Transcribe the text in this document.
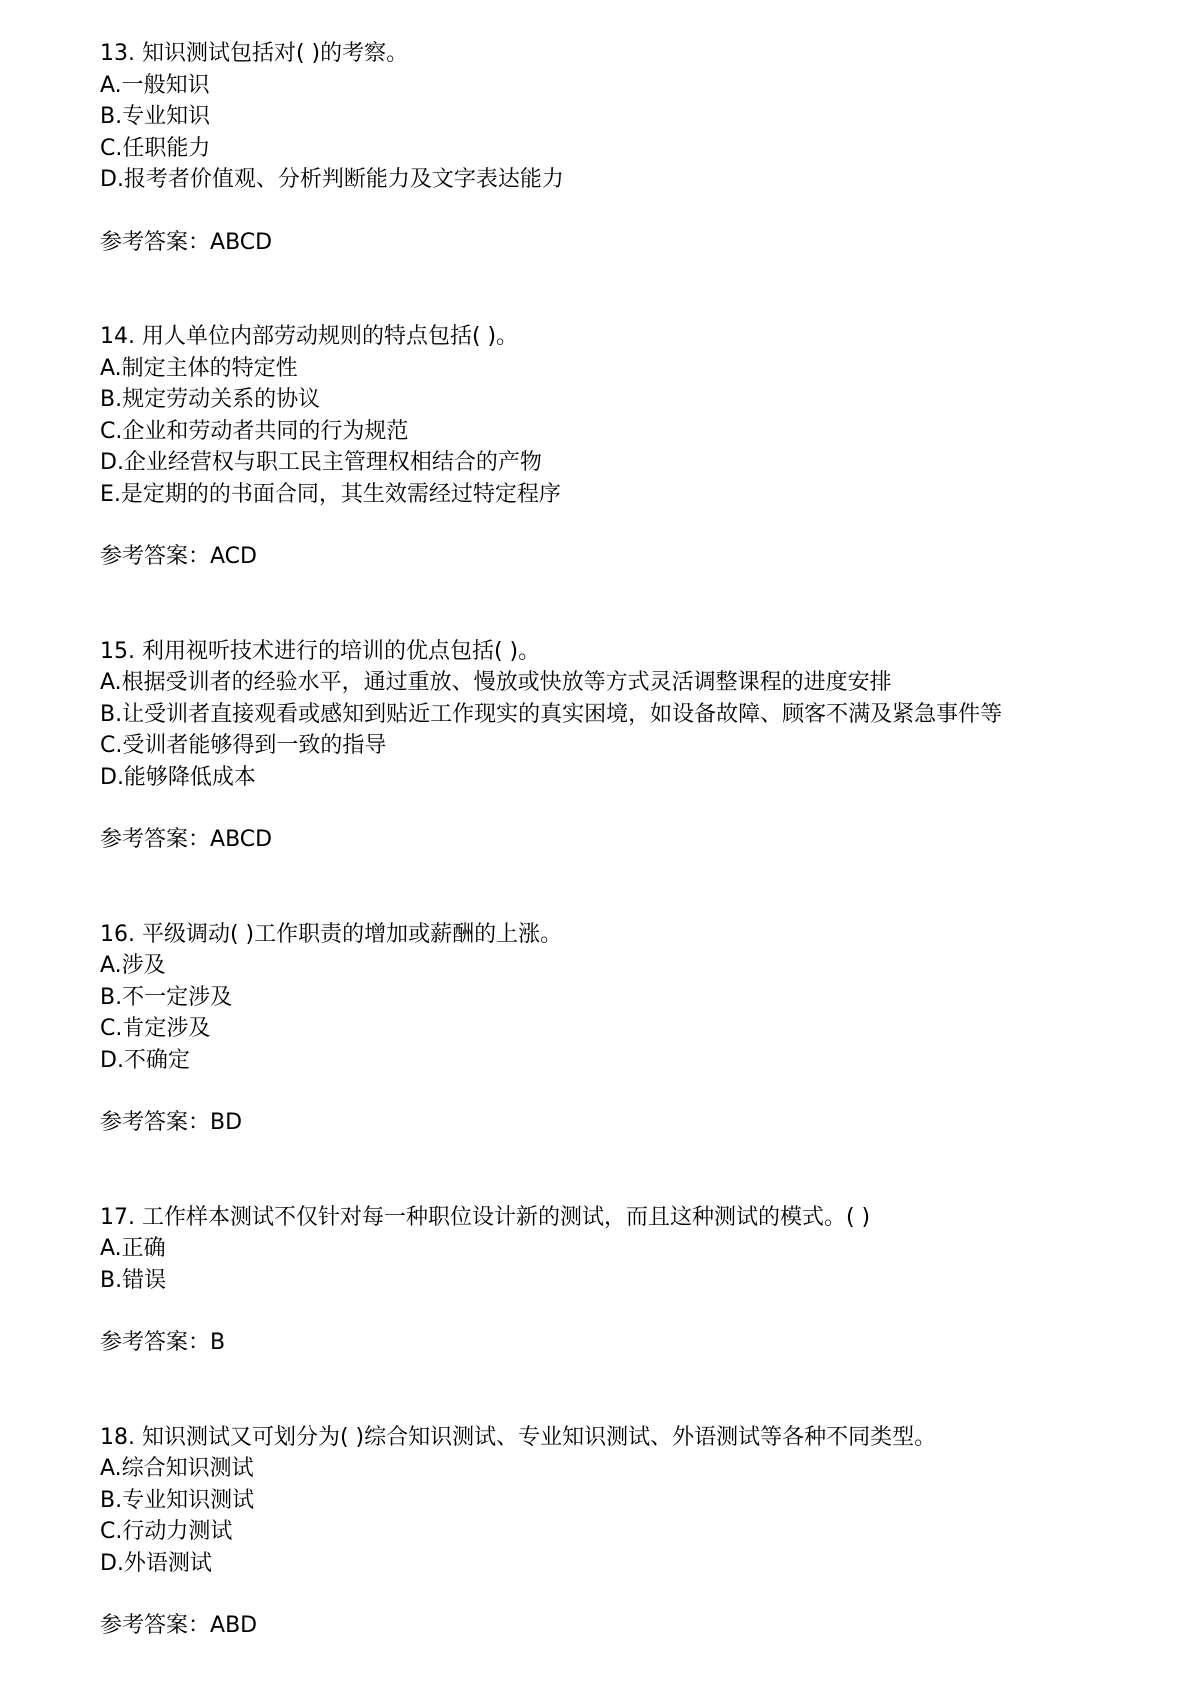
13. 知识测试包括对( )的考察。

A.一般知识

B.专业知识

C.任职能力

D.报考者价值观、分析判断能力及文字表达能力

参考答案：ABCD

14. 用人单位内部劳动规则的特点包括( )。

A.制定主体的特定性

B.规定劳动关系的协议

C.企业和劳动者共同的行为规范

D.企业经营权与职工民主管理权相结合的产物

E.是定期的的书面合同，其生效需经过特定程序

参考答案：ACD

15. 利用视听技术进行的培训的优点包括( )。

A.根据受训者的经验水平，通过重放、慢放或快放等方式灵活调整课程的进度安排

B.让受训者直接观看或感知到贴近工作现实的真实困境，如设备故障、顾客不满及紧急事件等

C.受训者能够得到一致的指导

D.能够降低成本

参考答案：ABCD

16. 平级调动( )工作职责的增加或薪酬的上涨。

A.涉及

B.不一定涉及

C.肯定涉及

D.不确定

参考答案：BD

17. 工作样本测试不仅针对每一种职位设计新的测试，而且这种测试的模式。( )

A.正确

B.错误

参考答案：B

18. 知识测试又可划分为( )综合知识测试、专业知识测试、外语测试等各种不同类型。

A.综合知识测试

B.专业知识测试

C.行动力测试

D.外语测试

参考答案：ABD
